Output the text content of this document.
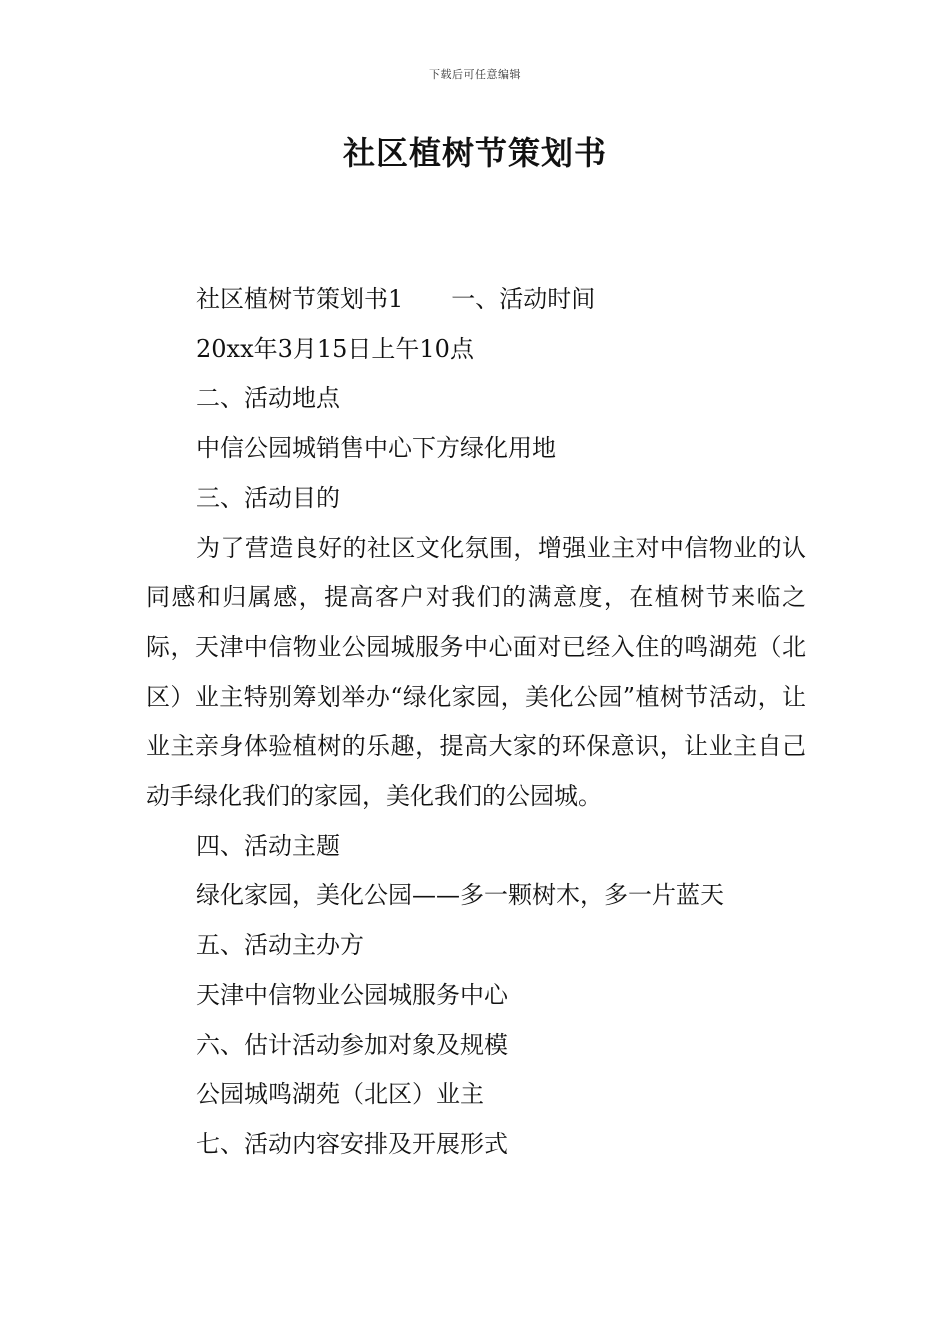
下载后可任意编辑
社区植树节策划书
社区植树节策划书1 一、活动时间
20xx年3月15日上午10点
二、活动地点
中信公园城销售中心下方绿化用地
三、活动目的
为了营造良好的社区文化氛围，增强业主对中信物业的认同感和归属感，提高客户对我们的满意度，在植树节来临之际，天津中信物业公园城服务中心面对已经入住的鸣湖苑（北区）业主特别筹划举办“绿化家园，美化公园”植树节活动，让业主亲身体验植树的乐趣，提高大家的环保意识，让业主自己动手绿化我们的家园，美化我们的公园城。
四、活动主题
绿化家园，美化公园——多一颗树木，多一片蓝天
五、活动主办方
天津中信物业公园城服务中心
六、估计活动参加对象及规模
公园城鸣湖苑（北区）业主
七、活动内容安排及开展形式
